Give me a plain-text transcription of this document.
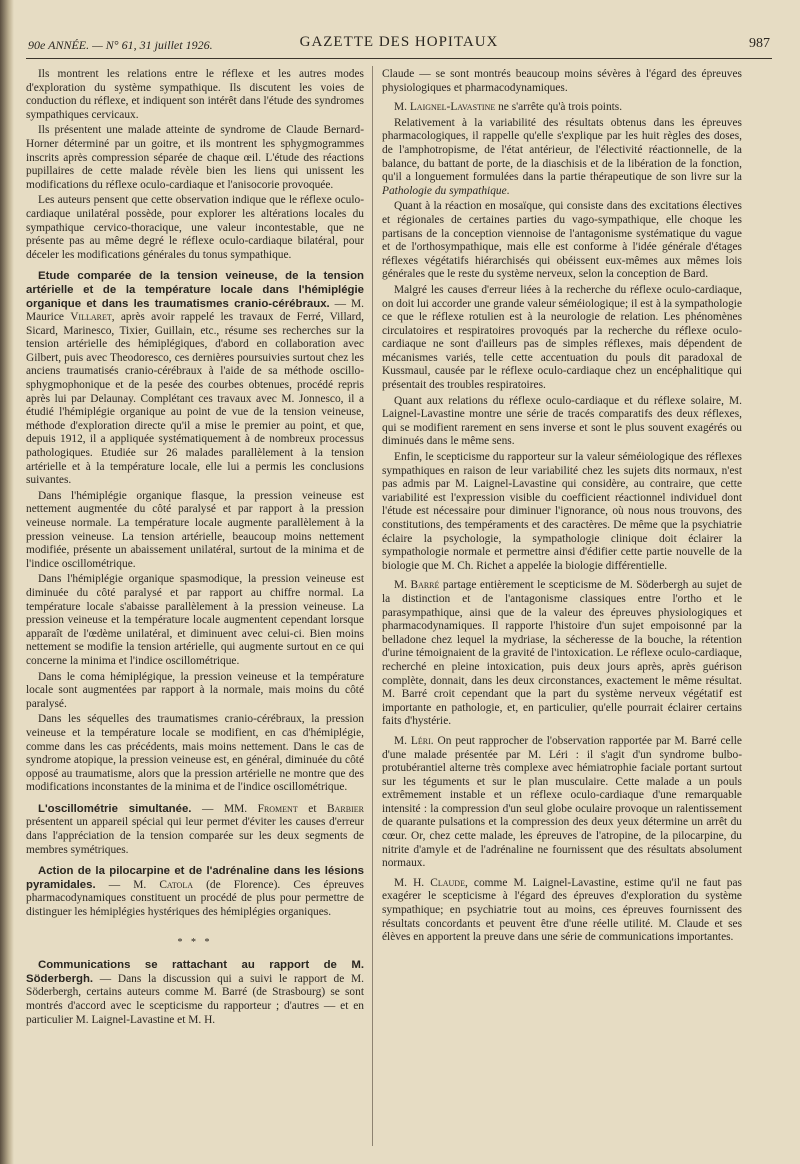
90e ANNÉE. — N° 61, 31 juillet 1926.	GAZETTE DES HOPITAUX	987

Ils montrent les relations entre le réflexe et les autres modes d'exploration du système sympathique. Ils discutent les voies de conduction du réflexe, et indiquent son intérêt dans l'étude des syndromes sympathiques cervicaux.

Ils présentent une malade atteinte de syndrome de Claude Bernard-Horner déterminé par un goitre, et ils montrent les sphygmogrammes inscrits après compression séparée de chaque œil. L'étude des réactions pupillaires de cette malade révèle bien les liens qui unissent les modifications du réflexe oculo-cardiaque et l'anisocorie provoquée.

Les auteurs pensent que cette observation indique que le réflexe oculo-cardiaque unilatéral possède, pour explorer les altérations locales du sympathique cervico-thoracique, une valeur incontestable, que ne présente pas au même degré le réflexe oculo-cardiaque bilatéral, pour déceler les modifications générales du tonus sympathique.

Etude comparée de la tension veineuse, de la tension artérielle et de la température locale dans l'hémiplégie organique et dans les traumatismes cranio-cérébraux. — M. Maurice Villaret, après avoir rappelé les travaux de Ferré, Villard, Sicard, Marinesco, Tixier, Guillain, etc., résume ses recherches sur la tension artérielle des hémiplégiques, d'abord en collaboration avec Gilbert, puis avec Theodoresco, ces dernières poursuivies surtout chez les anciens traumatisés cranio-cérébraux à l'aide de sa méthode oscillo-sphygmophonique et de la pesée des courbes obtenues, procédé repris après lui par Delaunay. Complétant ces travaux avec M. Jonnesco, il a étudié l'hémiplégie organique au point de vue de la tension veineuse, méthode d'exploration directe qu'il a mise le premier au point, et que, depuis 1912, il a appliquée systématiquement à de nombreux processus pathologiques. Etudiée sur 26 malades parallèlement à la tension artérielle et à la température locale, elle lui a permis les conclusions suivantes.

Dans l'hémiplégie organique flasque, la pression veineuse est nettement augmentée du côté paralysé et par rapport à la pression veineuse normale. La température locale augmente parallèlement à la pression veineuse. La tension artérielle, beaucoup moins nettement modifiée, présente un abaissement unilatéral, surtout de la minima et de l'indice oscillométrique.

Dans l'hémiplégie organique spasmodique, la pression veineuse est diminuée du côté paralysé et par rapport au chiffre normal. La température locale s'abaisse parallèlement à la pression veineuse. La pression veineuse et la température locale augmentent cependant lorsque apparaît de l'œdème unilatéral, et diminuent avec celui-ci. Bien moins nettement se modifie la tension artérielle, qui augmente surtout en ce qui concerne la minima et l'indice oscillométrique.

Dans le coma hémiplégique, la pression veineuse et la température locale sont augmentées par rapport à la normale, mais moins du côté paralysé.

Dans les séquelles des traumatismes cranio-cérébraux, la pression veineuse et la température locale se modifient, en cas d'hémiplégie, comme dans les cas précédents, mais moins nettement. Dans le cas de syndrome atopique, la pression veineuse est, en général, diminuée du côté opposé au traumatisme, alors que la pression artérielle ne montre que des modifications inconstantes de la minima et de l'indice oscillométrique.

L'oscillométrie simultanée. — MM. Froment et Barbier présentent un appareil spécial qui leur permet d'éviter les causes d'erreur dans l'appréciation de la tension comparée sur les deux segments de membres symétriques.

Action de la pilocarpine et de l'adrénaline dans les lésions pyramidales. — M. Catola (de Florence). Ces épreuves pharmacodynamiques constituent un procédé de plus pour permettre de distinguer les hémiplégies hystériques des hémiplégies organiques.

* * *

Communications se rattachant au rapport de M. Söderbergh. — Dans la discussion qui a suivi le rapport de M. Söderbergh, certains auteurs comme M. Barré (de Strasbourg) se sont montrés d'accord avec le scepticisme du rapporteur ; d'autres — et en particulier M. Laignel-Lavastine et M. H.

Claude — se sont montrés beaucoup moins sévères à l'égard des épreuves physiologiques et pharmacodynamiques.

M. Laignel-Lavastine ne s'arrête qu'à trois points.

Relativement à la variabilité des résultats obtenus dans les épreuves pharmacologiques, il rappelle qu'elle s'explique par les huit règles des doses, de l'amphotropisme, de l'état antérieur, de l'électivité réactionnelle, de la balance, du battant de porte, de la diaschisis et de la libération de la fonction, qu'il a longuement formulées dans la partie thérapeutique de son livre sur la Pathologie du sympathique.

Quant à la réaction en mosaïque, qui consiste dans des excitations électives et régionales de certaines parties du vago-sympathique, elle choque les partisans de la conception viennoise de l'antagonisme systématique du vague et de l'orthosympathique, mais elle est conforme à l'idée générale d'étages réflexes végétatifs hiérarchisés qui obéissent eux-mêmes aux mêmes lois générales que le reste du système nerveux, selon la conception de Bard.

Malgré les causes d'erreur liées à la recherche du réflexe oculo-cardiaque, on doit lui accorder une grande valeur séméiologique; il est à la sympathologie ce que le réflexe rotulien est à la neurologie de relation. Les phénomènes circulatoires et respiratoires provoqués par la recherche du réflexe oculo-cardiaque ne sont d'ailleurs pas de simples réflexes, mais dépendent de mécanismes variés, telle cette accentuation du pouls dit paradoxal de Kussmaul, causée par le réflexe oculo-cardiaque chez un encéphalitique qui présentait des troubles respiratoires.

Quant aux relations du réflexe oculo-cardiaque et du réflexe solaire, M. Laignel-Lavastine montre une série de tracés comparatifs des deux réflexes, qui se modifient rarement en sens inverse et sont le plus souvent exagérés ou diminués dans le même sens.

Enfin, le scepticisme du rapporteur sur la valeur séméiologique des réflexes sympathiques en raison de leur variabilité chez les sujets dits normaux, n'est pas admis par M. Laignel-Lavastine qui considère, au contraire, que cette variabilité est l'expression visible du coefficient réactionnel individuel dont l'étude est nécessaire pour diminuer l'ignorance, où nous nous trouvons, des constitutions, des tempéraments et des caractères. De même que la psychiatrie éclaire la psychologie, la sympathologie clinique doit éclairer la sympathologie normale et permettre ainsi d'édifier cette partie nouvelle de la biologie que M. Ch. Richet a appelée la biologie différentielle.

M. Barré partage entièrement le scepticisme de M. Söderbergh au sujet de la distinction et de l'antagonisme classiques entre l'ortho et le parasympathique, ainsi que de la valeur des épreuves physiologiques et pharmacodynamiques. Il rapporte l'histoire d'un sujet empoisonné par la belladone chez lequel la mydriase, la sécheresse de la bouche, la rétention d'urine témoignaient de la gravité de l'intoxication. Le réflexe oculo-cardiaque, recherché en pleine intoxication, puis deux jours après, après guérison complète, donnait, dans les deux circonstances, exactement le même résultat. M. Barré croit cependant que la part du système nerveux végétatif est importante en pathologie, et, en particulier, qu'elle pourrait éclairer certains faits d'hystérie.

M. Léri. On peut rapprocher de l'observation rapportée par M. Barré celle d'une malade présentée par M. Léri : il s'agit d'un syndrome bulbo-protubérantiel alterne très complexe avec hémiatrophie faciale portant surtout sur les téguments et sur le plan musculaire. Cette malade a un pouls extrêmement instable et un réflexe oculo-cardiaque d'une remarquable intensité : la compression d'un seul globe oculaire provoque un ralentissement de quarante pulsations et la compression des deux yeux détermine un arrêt du cœur. Or, chez cette malade, les épreuves de l'atropine, de la pilocarpine, du nitrite d'amyle et de l'adrénaline ne fournissent que des résultats absolument normaux.

M. H. Claude, comme M. Laignel-Lavastine, estime qu'il ne faut pas exagérer le scepticisme à l'égard des épreuves d'exploration du système sympathique; en psychiatrie tout au moins, ces épreuves fournissent des résultats concordants et peuvent être d'une réelle utilité. M. Claude et ses élèves en apportent la preuve dans une série de communications importantes.
